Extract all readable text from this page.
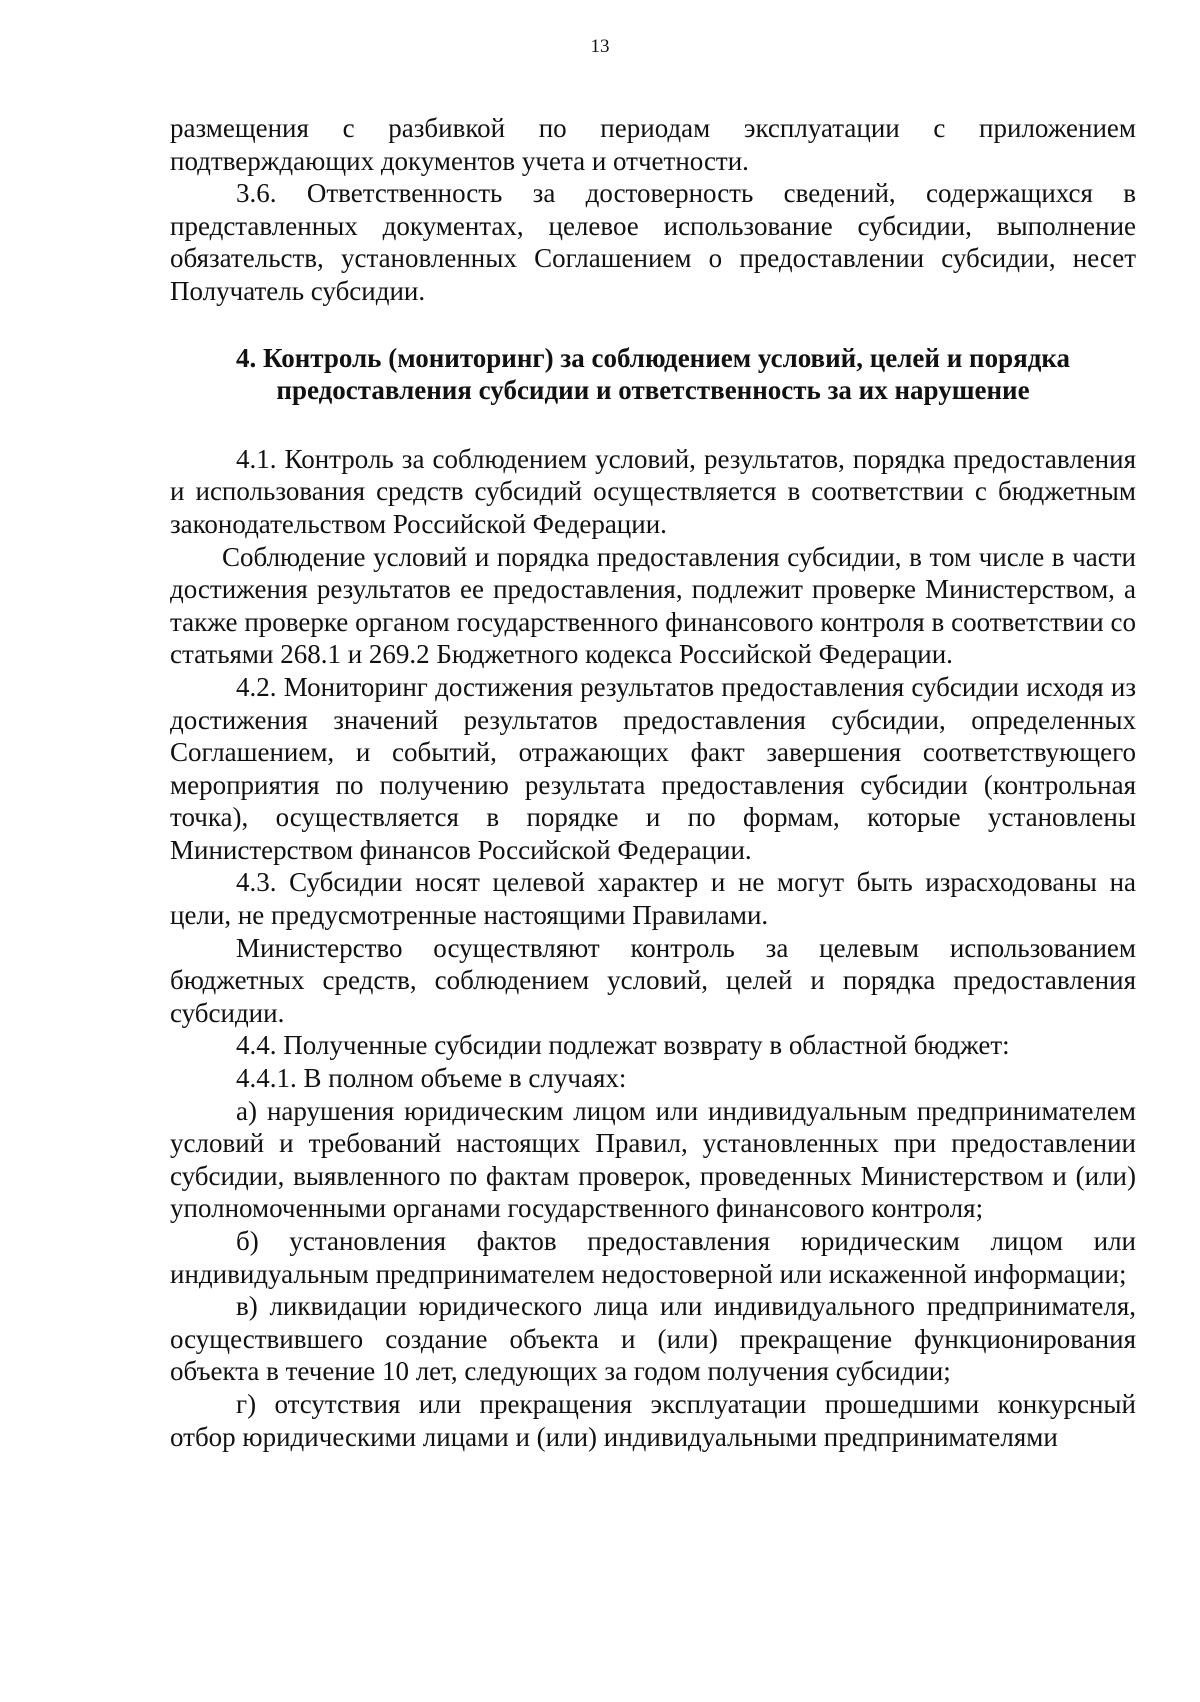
13

размещения с разбивкой по периодам эксплуатации с приложением подтверждающих документов учета и отчетности.

3.6. Ответственность за достоверность сведений, содержащихся в представленных документах, целевое использование субсидии, выполнение обязательств, установленных Соглашением о предоставлении субсидии, несет Получатель субсидии.

4. Контроль (мониторинг) за соблюдением условий, целей и порядка
предоставления субсидии и ответственность за их нарушение

4.1. Контроль за соблюдением условий, результатов, порядка предоставления и использования средств субсидий осуществляется в соответствии с бюджетным законодательством Российской Федерации.

Соблюдение условий и порядка предоставления субсидии, в том числе в части достижения результатов ее предоставления, подлежит проверке Министерством, а также проверке органом государственного финансового контроля в соответствии со статьями 268.1 и 269.2 Бюджетного кодекса Российской Федерации.

4.2. Мониторинг достижения результатов предоставления субсидии исходя из достижения значений результатов предоставления субсидии, определенных Соглашением, и событий, отражающих факт завершения соответствующего мероприятия по получению результата предоставления субсидии (контрольная точка), осуществляется в порядке и по формам, которые установлены Министерством финансов Российской Федерации.

4.3. Субсидии носят целевой характер и не могут быть израсходованы на цели, не предусмотренные настоящими Правилами.

Министерство осуществляют контроль за целевым использованием бюджетных средств, соблюдением условий, целей и порядка предоставления субсидии.

4.4. Полученные субсидии подлежат возврату в областной бюджет:

4.4.1. В полном объеме в случаях:

а) нарушения юридическим лицом или индивидуальным предпринимателем условий и требований настоящих Правил, установленных при предоставлении субсидии, выявленного по фактам проверок, проведенных Министерством и (или) уполномоченными органами государственного финансового контроля;

б) установления фактов предоставления юридическим лицом или индивидуальным предпринимателем недостоверной или искаженной информации;

в) ликвидации юридического лица или индивидуального предпринимателя, осуществившего создание объекта и (или) прекращение функционирования объекта в течение 10 лет, следующих за годом получения субсидии;

г) отсутствия или прекращения эксплуатации прошедшими конкурсный отбор юридическими лицами и (или) индивидуальными предпринимателями
